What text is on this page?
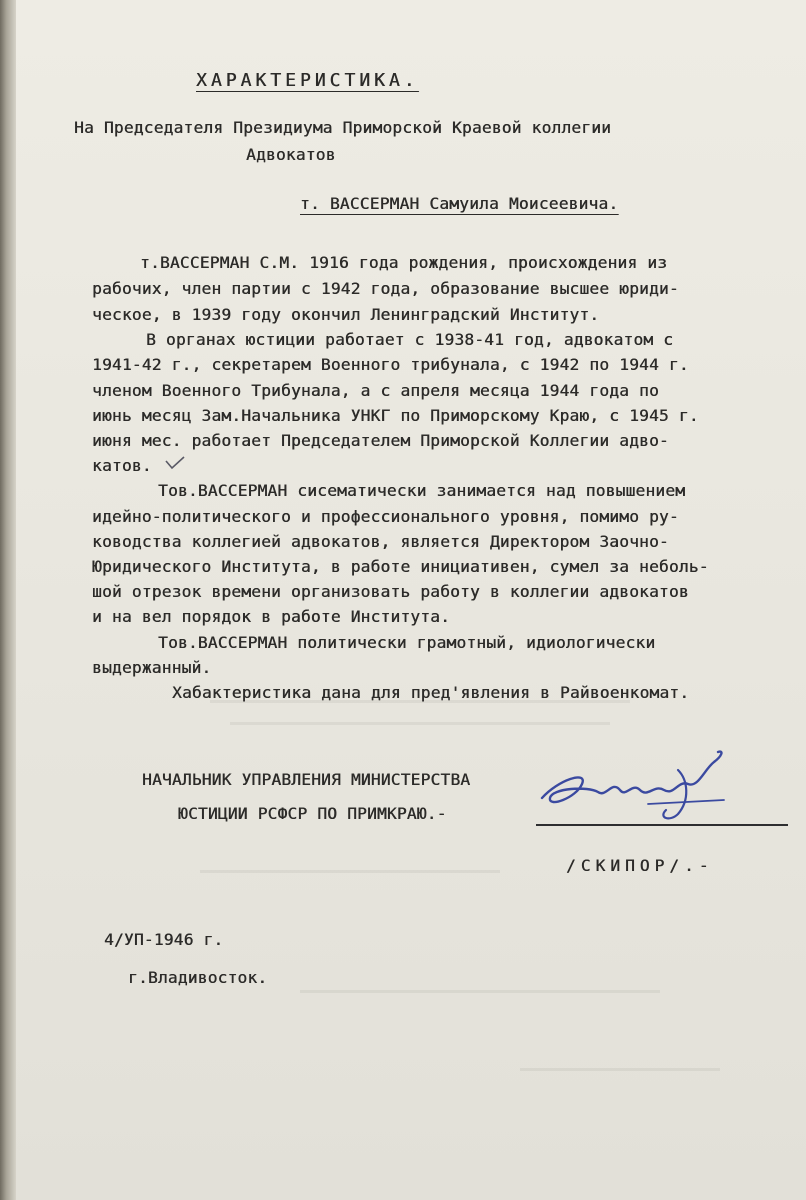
ХАРАКТЕРИСТИКА.
На Председателя Президиума Приморской Краевой коллегии
Адвокатов
т. ВАССЕРМАН Самуила Моисеевича.
т.ВАССЕРМАН С.М. 1916 года рождения, происхождения из
рабочих, член партии с 1942 года, образование высшее юриди-
ческое, в 1939 году окончил Ленинградский Институт.
В органах юстиции работает с 1938-41 год, адвокатом с
1941-42 г., секретарем Военного трибунала, с 1942 по 1944 г.
членом Военного Трибунала, а с апреля месяца 1944 года по
июнь месяц Зам.Начальника УНКГ по Приморскому Краю, с 1945 г.
июня мес. работает Председателем Приморской Коллегии адво-
катов.
Тов.ВАССЕРМАН сисематически занимается над повышением
идейно-политического и профессионального уровня, помимо ру-
ководства коллегией адвокатов, является Директором Заочно-
Юридического Института, в работе инициативен, сумел за неболь-
шой отрезок времени организовать работу в коллегии адвокатов
и на вел порядок в работе Института.
Тов.ВАССЕРМАН политически грамотный, идиологически
выдержанный.
Хабактеристика дана для пред'явления в Райвоенкомат.
НАЧАЛЬНИК УПРАВЛЕНИЯ МИНИСТЕРСТВА
ЮСТИЦИИ РСФСР ПО ПРИМКРАЮ.-
/СКИПОР/.-
4/УП-1946 г.
г.Владивосток.
